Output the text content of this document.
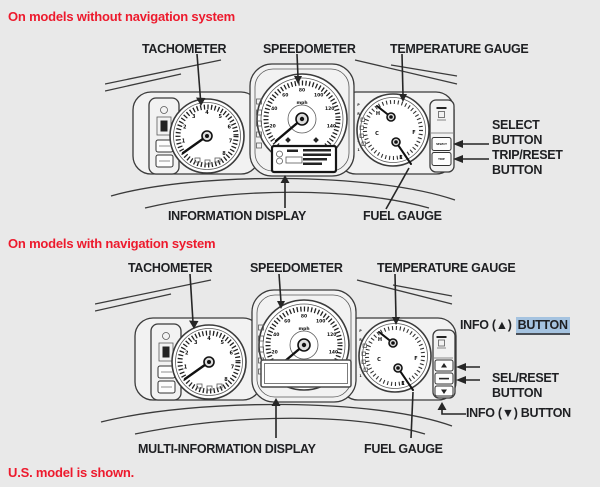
On models without navigation system
TACHOMETER	SPEEDOMETER	TEMPERATURE GAUGE
1
2
3
4
5
6
7
8
20
40
60
80
100
120
140
mph	P
R
1
H
C	F
E
SELECT
TRIP
SELECT
BUTTON
TRIP/RESET
BUTTON
INFORMATION DISPLAY	FUEL GAUGE
On models with navigation system
TACHOMETER	SPEEDOMETER	TEMPERATURE GAUGE
1
2
3
4
5
6
7
8
20
40
60
80
100
120
140
mph	P
R
1
H
C	F
E
INFO (▲) BUTTON
SEL/RESET
BUTTON
INFO (▼) BUTTON
MULTI-INFORMATION DISPLAY	FUEL GAUGE
U.S. model is shown.
